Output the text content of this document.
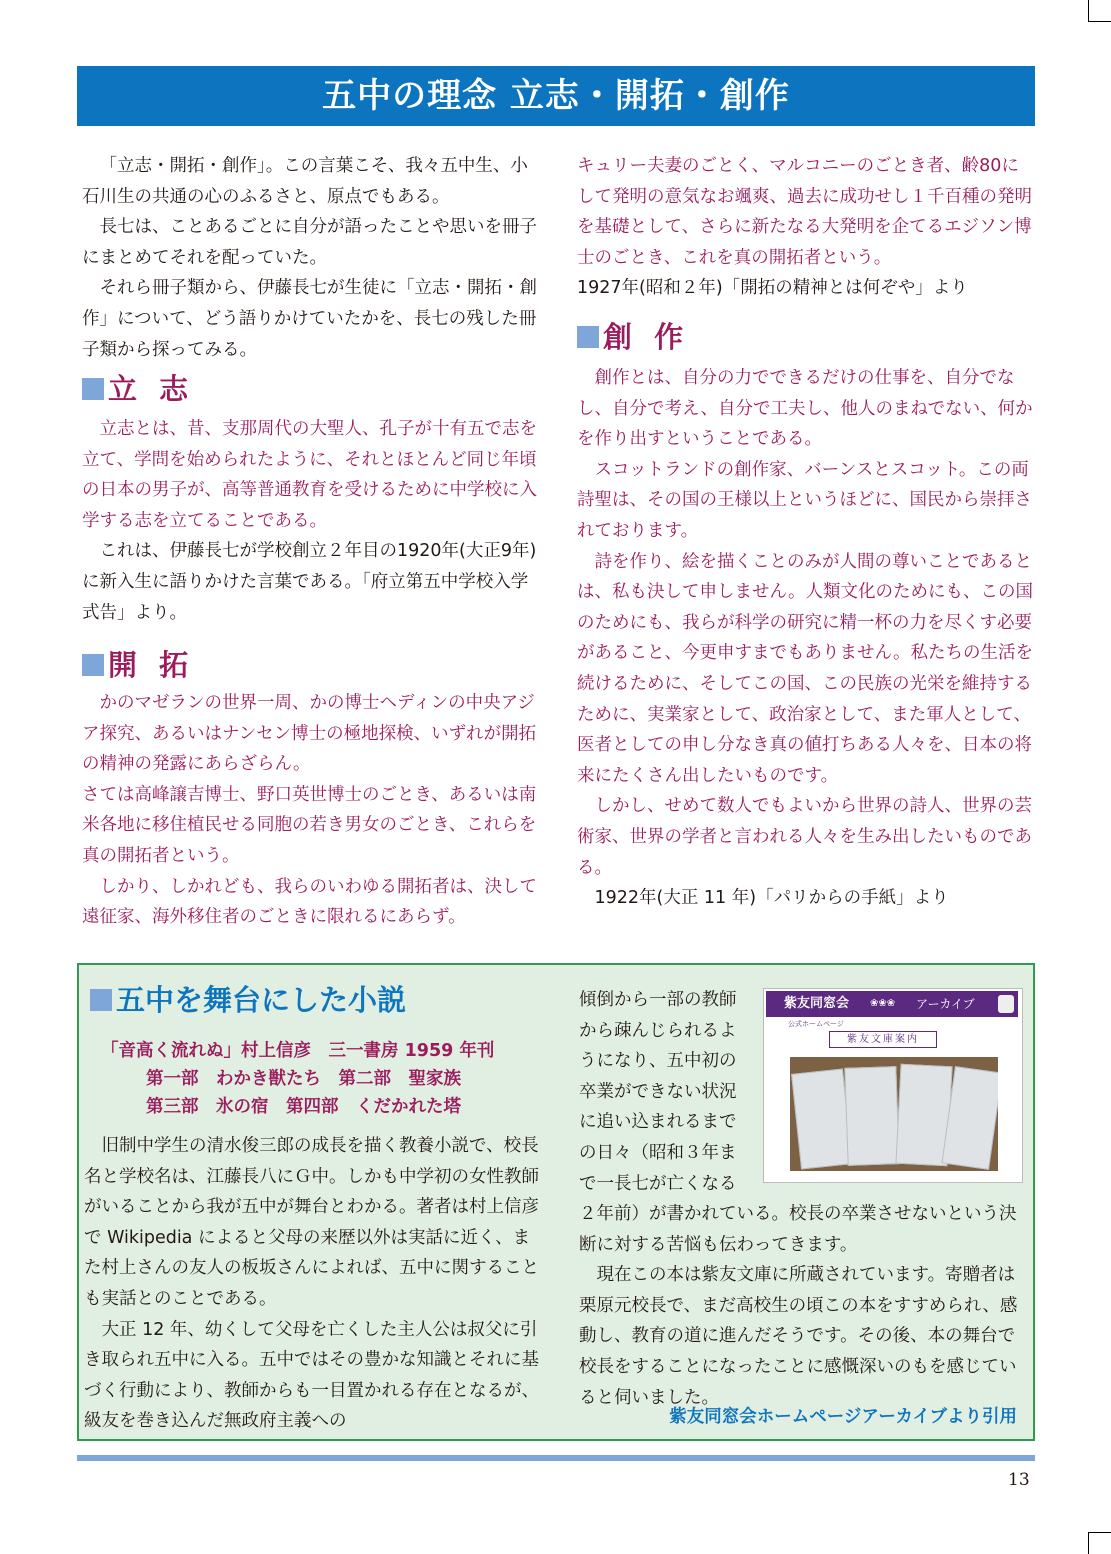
五中の理念 立志・開拓・創作

「立志・開拓・創作」。この言葉こそ、我々五中生、小石川生の共通の心のふるさと、原点でもある。

長七は、ことあるごとに自分が語ったことや思いを冊子にまとめてそれを配っていた。

それら冊子類から、伊藤長七が生徒に「立志・開拓・創作」について、どう語りかけていたかを、長七の残した冊子類から探ってみる。

立 志

立志とは、昔、支那周代の大聖人、孔子が十有五で志を立て、学問を始められたように、それとほとんど同じ年頃の日本の男子が、高等普通教育を受けるために中学校に入学する志を立てることである。

これは、伊藤長七が学校創立２年目の1920年(大正9年)に新入生に語りかけた言葉である。「府立第五中学校入学式告」より。

開 拓

かのマゼランの世界一周、かの博士ヘディンの中央アジア探究、あるいはナンセン博士の極地探検、いずれが開拓の精神の発露にあらざらん。

さては高峰譲吉博士、野口英世博士のごとき、あるいは南米各地に移住植民せる同胞の若き男女のごとき、これらを真の開拓者という。

しかり、しかれども、我らのいわゆる開拓者は、決して遠征家、海外移住者のごときに限れるにあらず。

キュリー夫妻のごとく、マルコニーのごとき者、齢80にして発明の意気なお颯爽、過去に成功せし１千百種の発明を基礎として、さらに新たなる大発明を企てるエジソン博士のごとき、これを真の開拓者という。

1927年(昭和２年)「開拓の精神とは何ぞや」より

創 作

創作とは、自分の力でできるだけの仕事を、自分でなし、自分で考え、自分で工夫し、他人のまねでない、何かを作り出すということである。

スコットランドの創作家、バーンスとスコット。この両詩聖は、その国の王様以上というほどに、国民から崇拝されております。

詩を作り、絵を描くことのみが人間の尊いことであるとは、私も決して申しません。人類文化のためにも、この国のためにも、我らが科学の研究に精一杯の力を尽くす必要があること、今更申すまでもありません。私たちの生活を続けるために、そしてこの国、この民族の光栄を維持するために、実業家として、政治家として、また軍人として、医者としての申し分なき真の値打ちある人々を、日本の将来にたくさん出したいものです。

しかし、せめて数人でもよいから世界の詩人、世界の芸術家、世界の学者と言われる人々を生み出したいものである。

1922年(大正 11 年)「パリからの手紙」より

五中を舞台にした小説
「音高く流れぬ」村上信彦　三一書房 1959 年刊
第一部　わかき獣たち　第二部　聖家族
第三部　氷の宿　第四部　くだかれた塔

旧制中学生の清水俊三郎の成長を描く教養小説で、校長名と学校名は、江藤長八にＧ中。しかも中学初の女性教師がいることから我が五中が舞台とわかる。著者は村上信彦で Wikipedia によると父母の来歴以外は実話に近く、また村上さんの友人の板坂さんによれば、五中に関することも実話とのことである。

大正 12 年、幼くして父母を亡くした主人公は叔父に引き取られ五中に入る。五中ではその豊かな知識とそれに基づく行動により、教師からも一目置かれる存在となるが、級友を巻き込んだ無政府主義への

傾倒から一部の教師
から疎んじられるよ
うになり、五中初の
卒業ができない状況
に追い込まれるまで
の日々（昭和３年ま
で一長七が亡くなる

２年前）が書かれている。校長の卒業させないという決断に対する苦悩も伝わってきます。

現在この本は紫友文庫に所蔵されています。寄贈者は栗原元校長で、まだ高校生の頃この本をすすめられ、感動し、教育の道に進んだそうです。その後、本の舞台で校長をすることになったことに感慨深いのもを感じていると伺いました。

紫友同窓会 ❀❀❀ アーカイブ
公式ホームページ
紫友文庫案内
紫友同窓会ホームページアーカイブより引用
13
